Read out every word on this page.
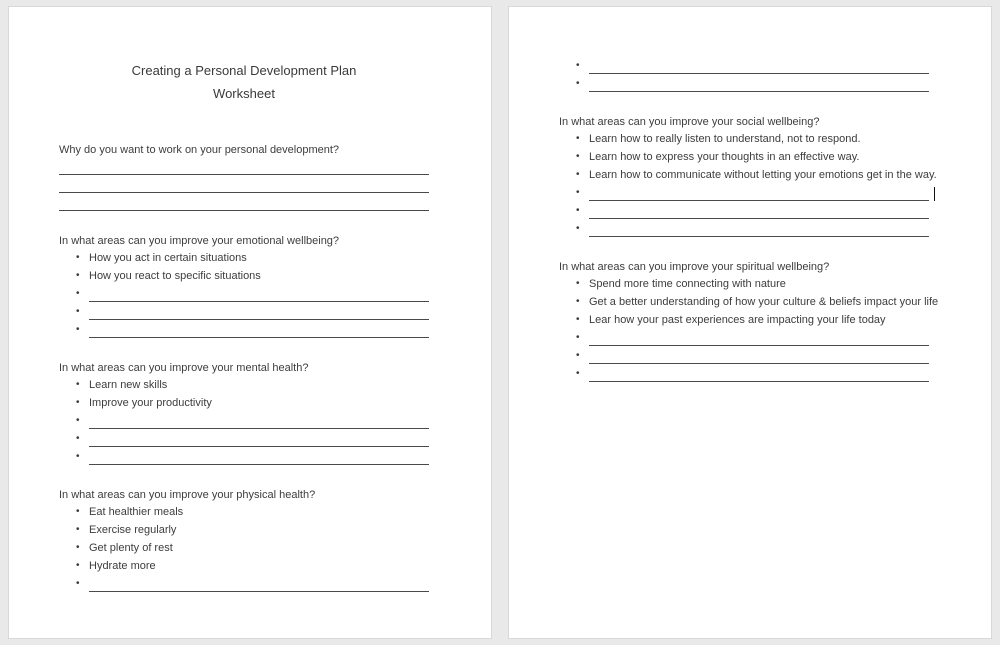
Creating a Personal Development Plan
Worksheet

Why do you want to work on your personal development?

In what areas can you improve your emotional wellbeing?

• How you act in certain situations
• How you react to specific situations
•
•
•

In what areas can you improve your mental health?

• Learn new skills
• Improve your productivity
•
•
•

In what areas can you improve your physical health?

• Eat healthier meals
• Exercise regularly
• Get plenty of rest
• Hydrate more
•
•
•

In what areas can you improve your social wellbeing?

• Learn how to really listen to understand, not to respond.
• Learn how to express your thoughts in an effective way.
• Learn how to communicate without letting your emotions get in the way.
•
•
•

In what areas can you improve your spiritual wellbeing?

• Spend more time connecting with nature
• Get a better understanding of how your culture & beliefs impact your life
• Lear how your past experiences are impacting your life today
•
•
•
